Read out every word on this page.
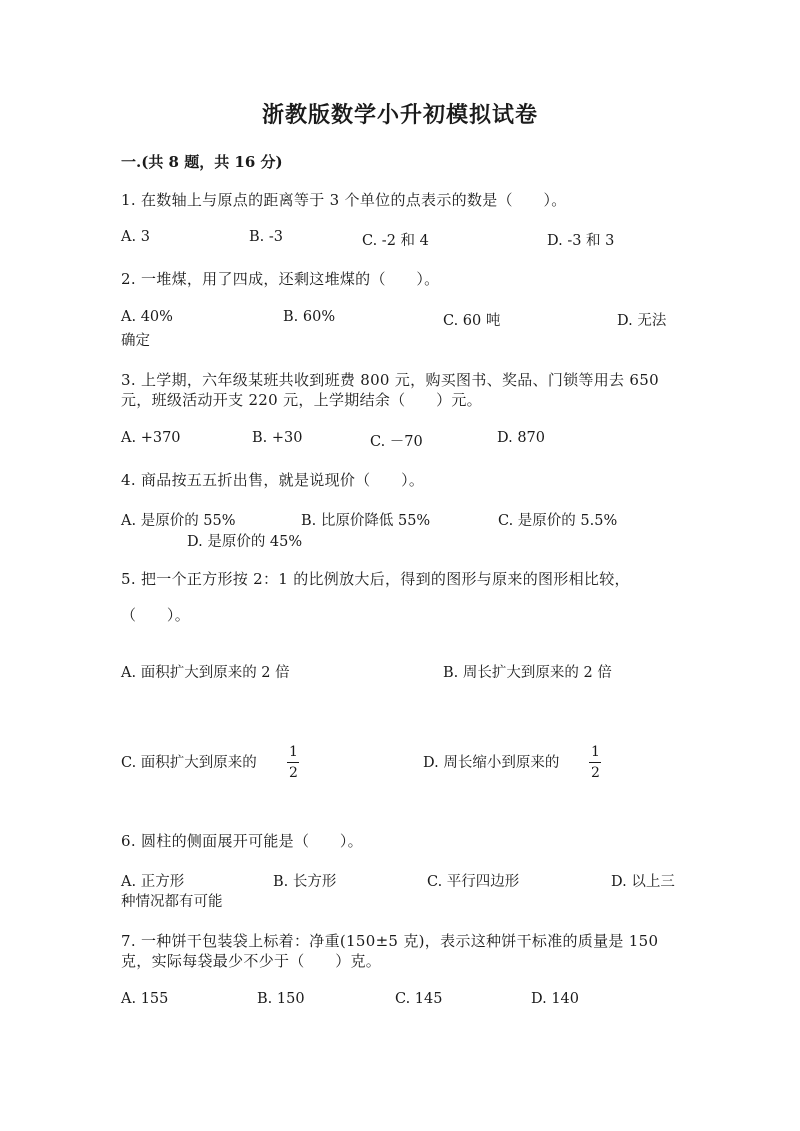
浙教版数学小升初模拟试卷
一.(共 8 题，共 16 分)
1. 在数轴上与原点的距离等于 3 个单位的点表示的数是（　　）。
A. 3	B. -3	C. -2 和 4	D. -3 和 3
2. 一堆煤，用了四成，还剩这堆煤的（　　）。
A. 40%	B. 60%	C. 60 吨	D. 无法
确定
3. 上学期，六年级某班共收到班费 800 元，购买图书、奖品、门锁等用去 650
元，班级活动开支 220 元，上学期结余（　　）元。
A. +370	B. +30	C. －70	D. 870
4. 商品按五五折出售，就是说现价（　　）。
A. 是原价的 55%	B. 比原价降低 55%	C. 是原价的 5.5%
D. 是原价的 45%
5. 把一个正方形按 2：1 的比例放大后，得到的图形与原来的图形相比较，
（　　）。
A. 面积扩大到原来的 2 倍	B. 周长扩大到原来的 2 倍
C. 面积扩大到原来的
1
2
D. 周长缩小到原来的
1
2
6. 圆柱的侧面展开可能是（　　）。
A. 正方形	B. 长方形	C. 平行四边形	D. 以上三
种情况都有可能
7. 一种饼干包装袋上标着：净重(150±5 克)，表示这种饼干标准的质量是 150
克，实际每袋最少不少于（　　）克。
A. 155	B. 150	C. 145	D. 140
